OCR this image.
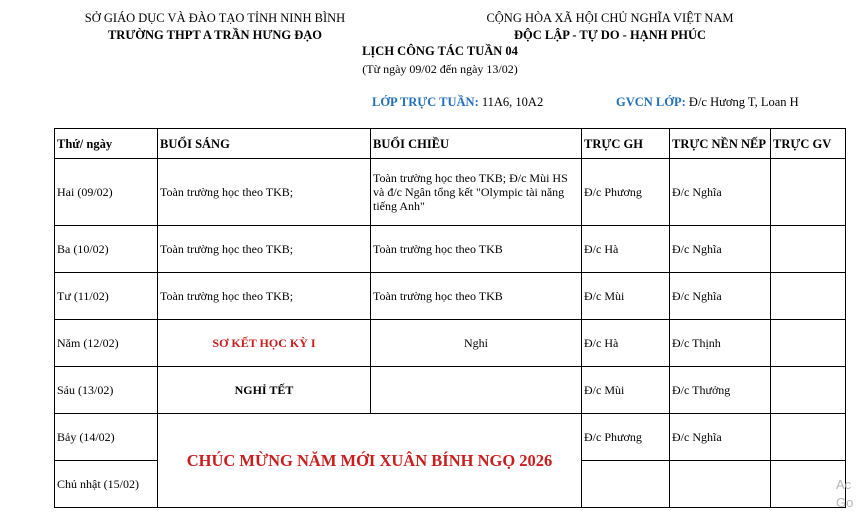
SỞ GIÁO DỤC VÀ ĐÀO TẠO TỈNH NINH BÌNH
TRƯỜNG THPT A TRẦN HƯNG ĐẠO
CỘNG HÒA XÃ HỘI CHỦ NGHĨA VIỆT NAM
ĐỘC LẬP - TỰ DO - HẠNH PHÚC
LỊCH CÔNG TÁC TUẦN 04
(Từ ngày 09/02 đến ngày 13/02)
LỚP TRỰC TUẦN: 11A6, 10A2	GVCN LỚP: Đ/c Hương T, Loan H
Thứ/ ngày	BUỔI SÁNG	BUỔI CHIỀU	TRỰC GH	TRỰC NỀN NẾP	TRỰC GV
Hai (09/02)	Toàn trường học theo TKB;	Toàn trường học theo TKB; Đ/c Mùi HS và đ/c Ngân tổng kết "Olympic tài năng tiếng Anh"	Đ/c Phương	Đ/c Nghĩa	
Ba (10/02)	Toàn trường học theo TKB;	Toàn trường học theo TKB	Đ/c Hà	Đ/c Nghĩa	
Tư (11/02)	Toàn trường học theo TKB;	Toàn trường học theo TKB	Đ/c Mùi	Đ/c Nghĩa	
Năm (12/02)	SƠ KẾT HỌC KỲ I	Nghỉ	Đ/c Hà	Đ/c Thịnh	
Sáu (13/02)	NGHỈ TẾT		Đ/c Mùi	Đ/c Thưởng	
Bảy (14/02)	CHÚC MỪNG NĂM MỚI XUÂN BÍNH NGỌ 2026		Đ/c Phương	Đ/c Nghĩa	
Chủ nhật (15/02)						Ac
Go
